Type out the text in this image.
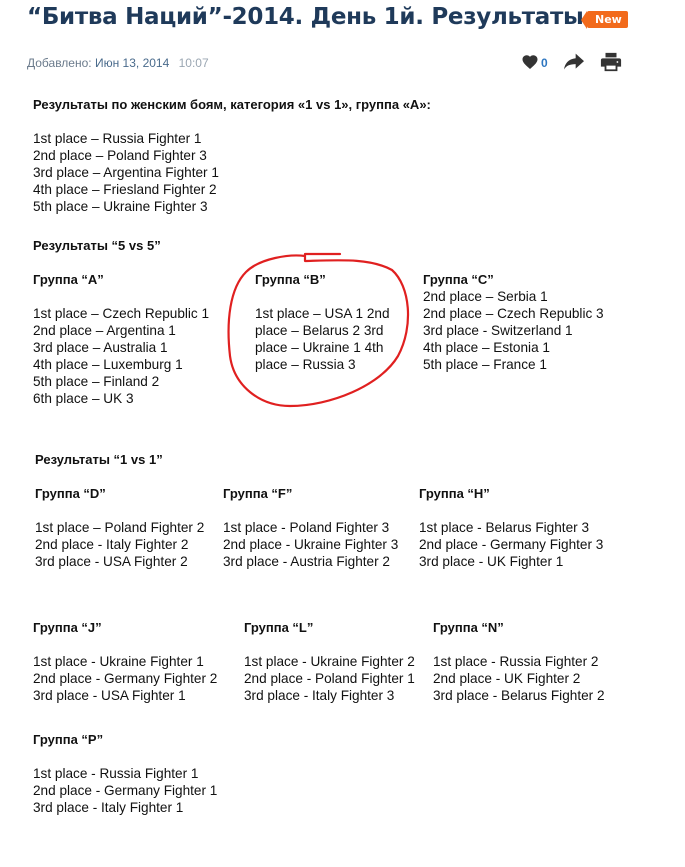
“Битва Наций”-2014. День 1й. Результаты	New
Добавлено: Июн 13, 2014 10:07	0
Результаты по женским боям, категория «1 vs 1», группа «А»:
1st place – Russia Fighter 1
2nd place – Poland Fighter 3
3rd place – Argentina Fighter 1
4th place – Friesland Fighter 2
5th place – Ukraine Fighter 3
Результаты “5 vs 5”
Группа “А”
1st place – Czech Republic 1
2nd place – Argentina 1
3rd place – Australia 1
4th place – Luxemburg 1
5th place – Finland 2
6th place – UK 3
Группа “В”
1st place – USA 1 2nd place – Belarus 2 3rd place – Ukraine 1 4th place – Russia 3
Группа “С”
2nd place – Serbia 1
2nd place – Czech Republic 3
3rd place - Switzerland 1
4th place – Estonia 1
5th place – France 1
Результаты “1 vs 1”
Группа “D”
1st place – Poland Fighter 2
2nd place - Italy Fighter 2
3rd place - USA Fighter 2
Группа “F”
1st place - Poland Fighter 3
2nd place - Ukraine Fighter 3
3rd place - Austria Fighter 2
Группа “H”
1st place - Belarus Fighter 3
2nd place - Germany Fighter 3
3rd place - UK Fighter 1
Группа “J”
1st place - Ukraine Fighter 1
2nd place - Germany Fighter 2
3rd place - USA Fighter 1
Группа “L”
1st place - Ukraine Fighter 2
2nd place - Poland Fighter 1
3rd place - Italy Fighter 3
Группа “N”
1st place - Russia Fighter 2
2nd place - UK Fighter 2
3rd place - Belarus Fighter 2
Группа “P”
1st place - Russia Fighter 1
2nd place - Germany Fighter 1
3rd place - Italy Fighter 1
